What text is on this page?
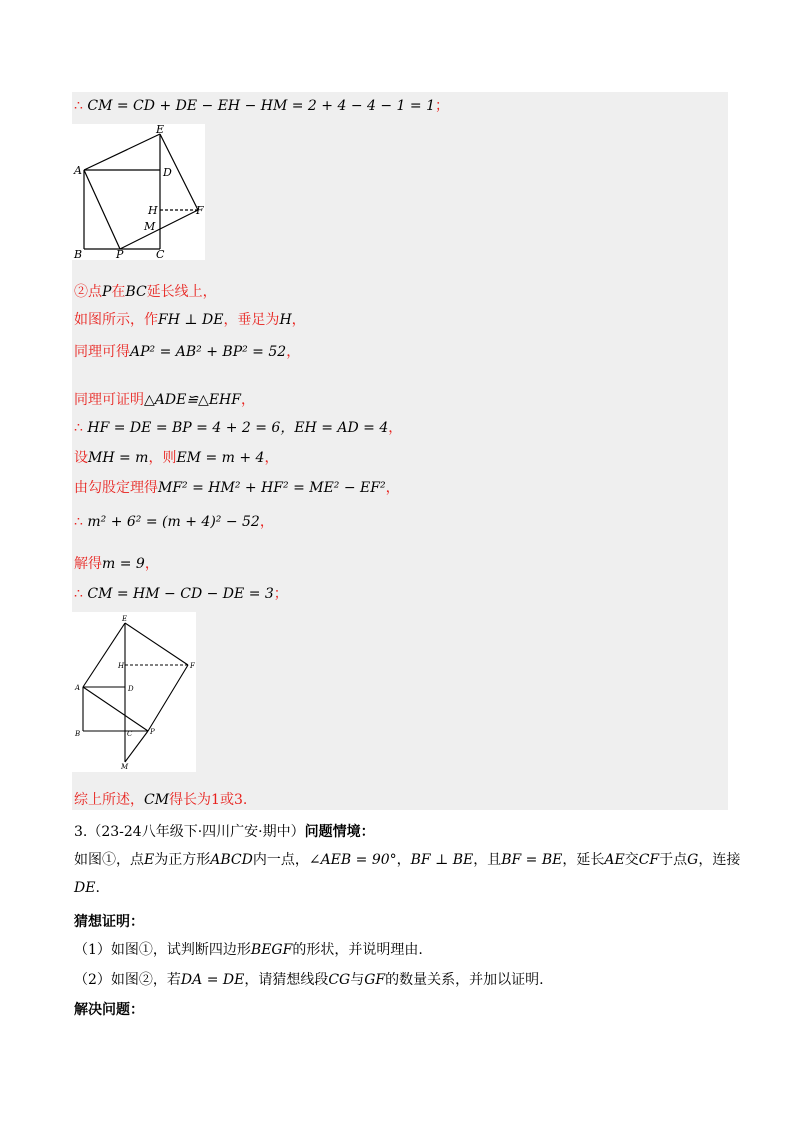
∴ CM = CD + DE − EH − HM = 2 + 4 − 4 − 1 = 1；
E
A	D
H	F
M
B	P	C
②点P在BC延长线上，
如图所示，作FH ⊥ DE，垂足为H，
同理可得AP² = AB² + BP² = 52，
同理可证明△ADE≌△EHF，
∴ HF = DE = BP = 4 + 2 = 6，EH = AD = 4，
设MH = m，则EM = m + 4，
由勾股定理得MF² = HM² + HF² = ME² − EF²，
∴ m² + 6² = (m + 4)² − 52，
解得m = 9，
∴ CM = HM − CD − DE = 3；
E
H	F
A	D
B	C	P
M
综上所述，CM得长为1或3.
3.（23-24八年级下·四川广安·期中）问题情境：
如图①，点E为正方形ABCD内一点，∠AEB = 90°，BF ⊥ BE，且BF = BE，延长AE交CF于点G，连接
DE.
猜想证明：
（1）如图①，试判断四边形BEGF的形状，并说明理由.
（2）如图②，若DA = DE，请猜想线段CG与GF的数量关系，并加以证明.
解决问题：
